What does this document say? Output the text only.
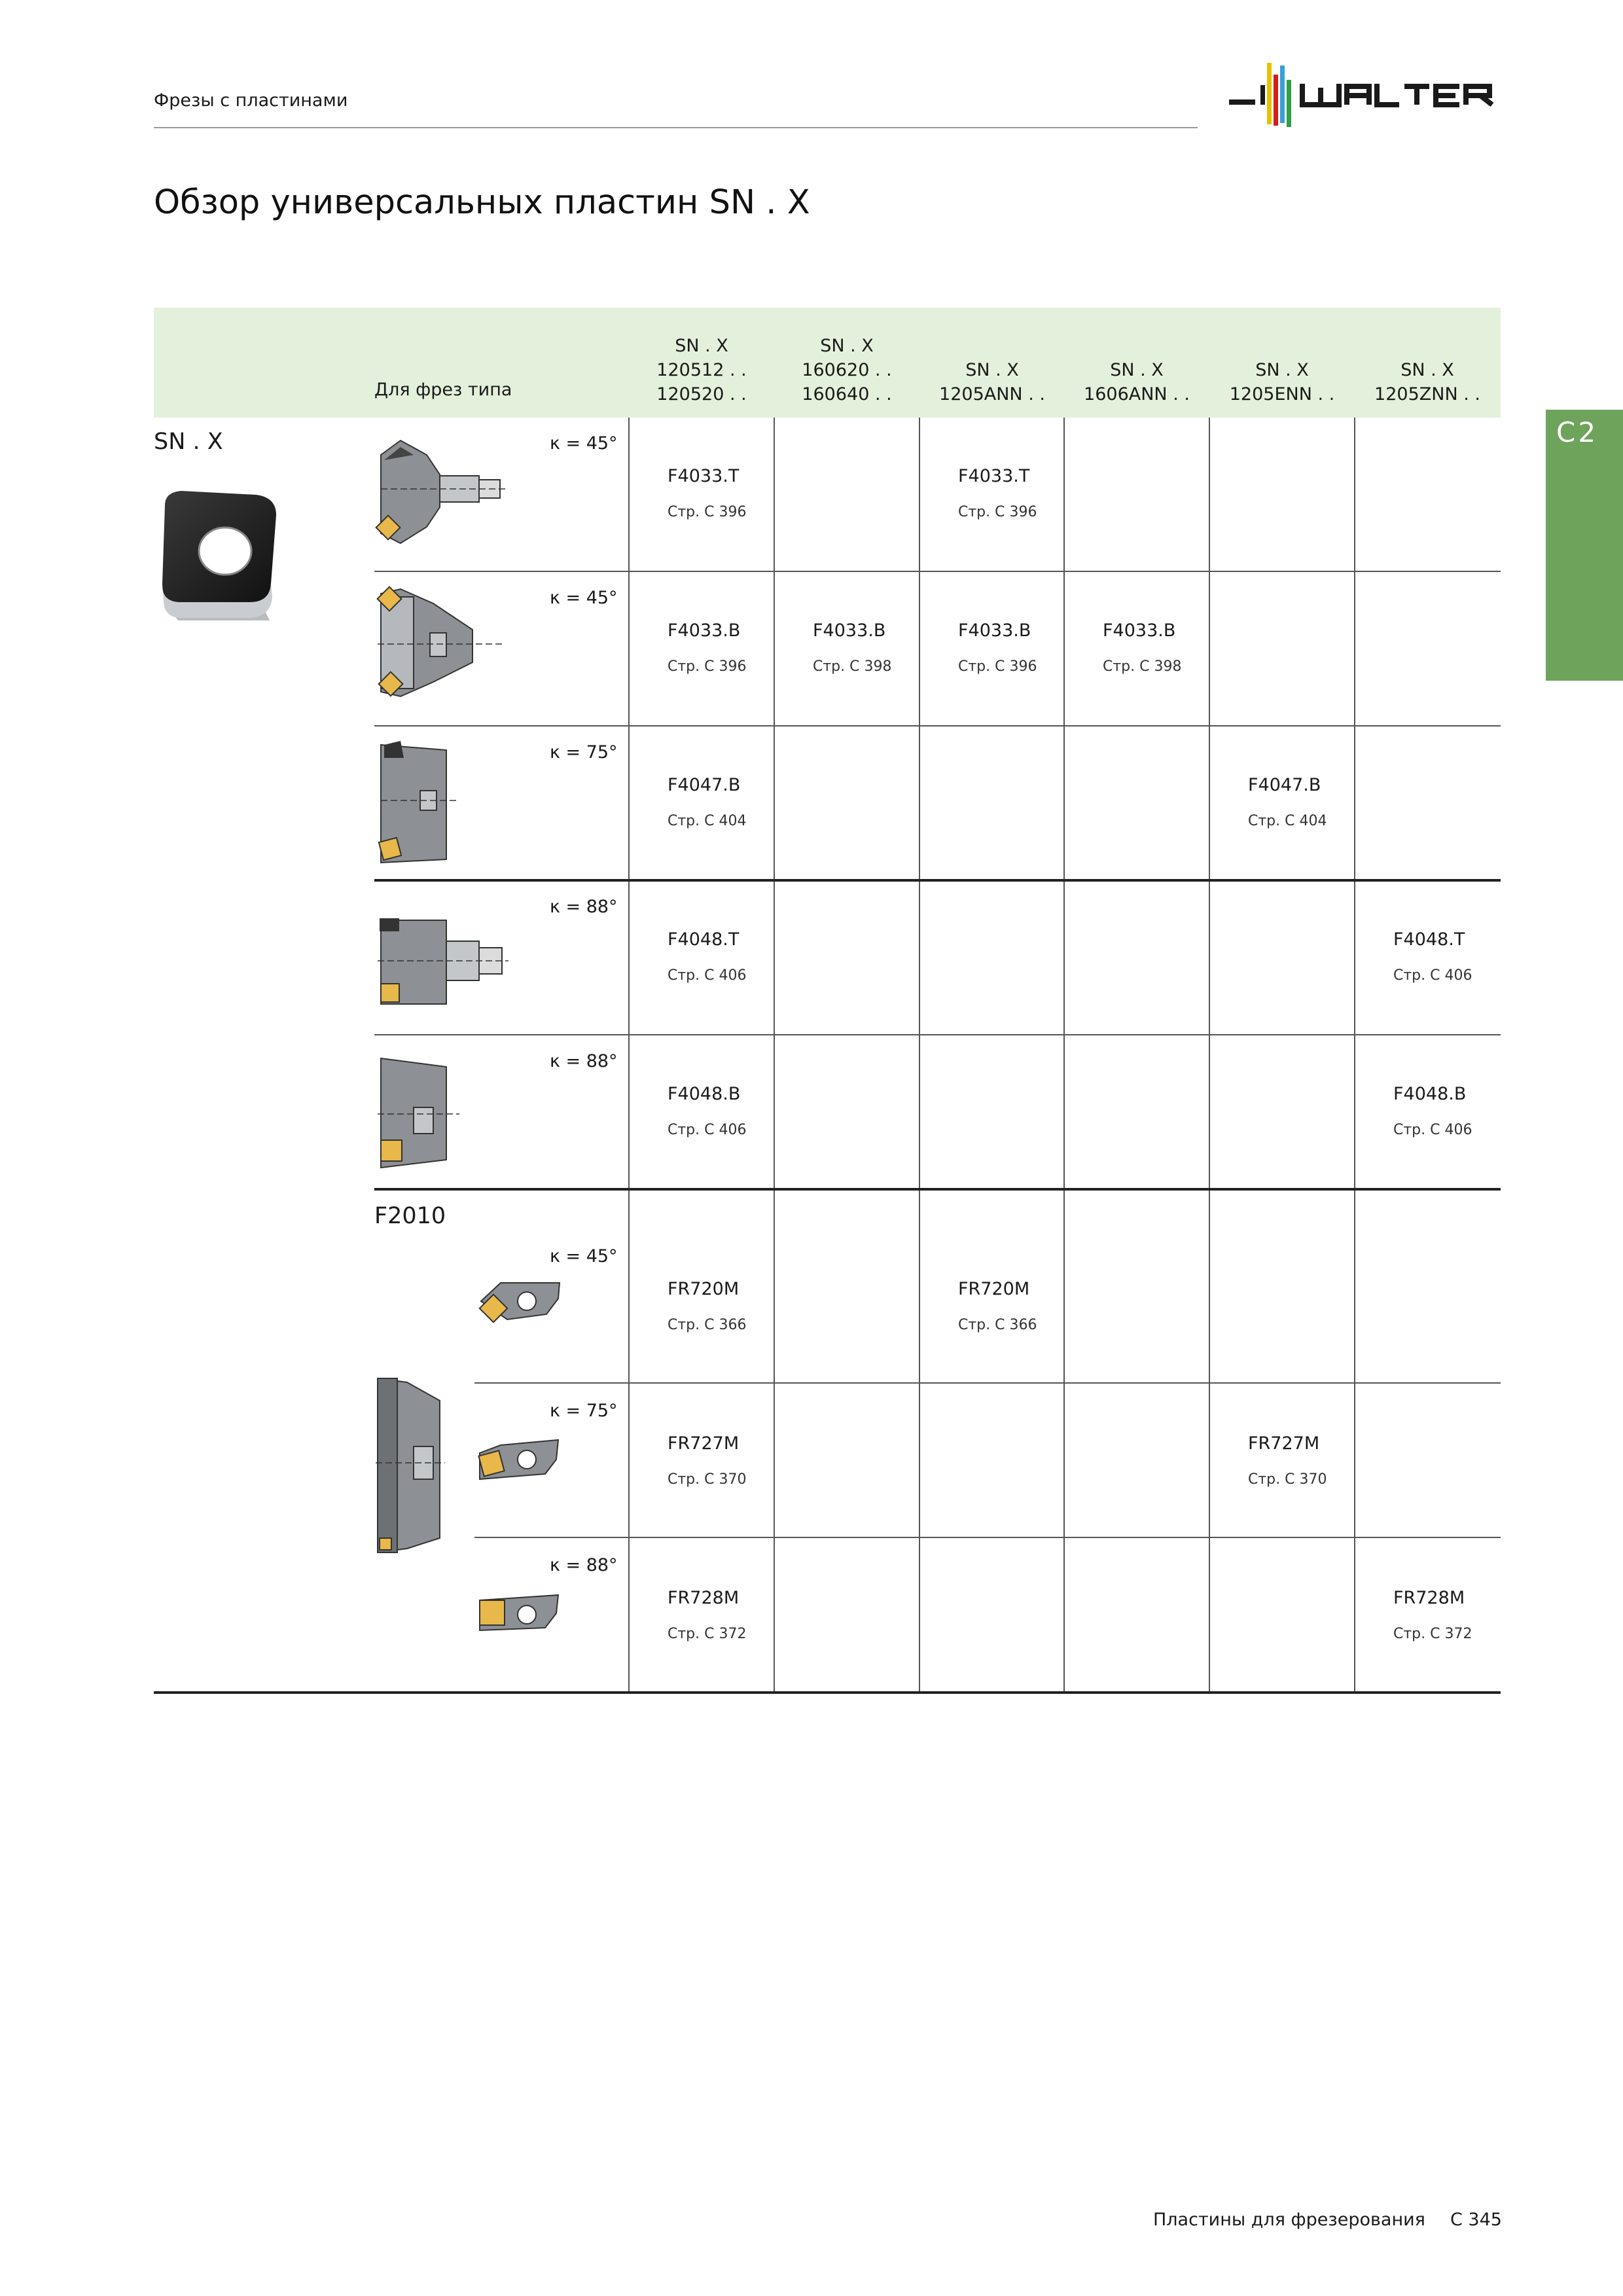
Фрезы с пластинами
WALTER
Обзор универсальных пластин SN . X
C2
Для фрез типа
SN . X
120512 . .
120520 . .
SN . X
160620 . .
160640 . .
SN . X
1205ANN . .
SN . X
1606ANN . .
SN . X
1205ENN . .
SN . X
1205ZNN . .
SN . X
F2010
κ = 45°
κ = 45°
κ = 75°
κ = 88°
κ = 88°
κ = 45°
κ = 75°
κ = 88°
F4033.T
Стр. C 396
F4033.T
Стр. C 396
F4033.B
Стр. C 396
F4033.B
Стр. C 398
F4033.B
Стр. C 396
F4033.B
Стр. C 398
F4047.B
Стр. C 404
F4047.B
Стр. C 404
F4048.T
Стр. C 406
F4048.T
Стр. C 406
F4048.B
Стр. C 406
F4048.B
Стр. C 406
FR720M
Стр. C 366
FR720M
Стр. C 366
FR727M
Стр. C 370
FR727M
Стр. C 370
FR728M
Стр. C 372
FR728M
Стр. C 372
Пластины для фрезерования C 345
